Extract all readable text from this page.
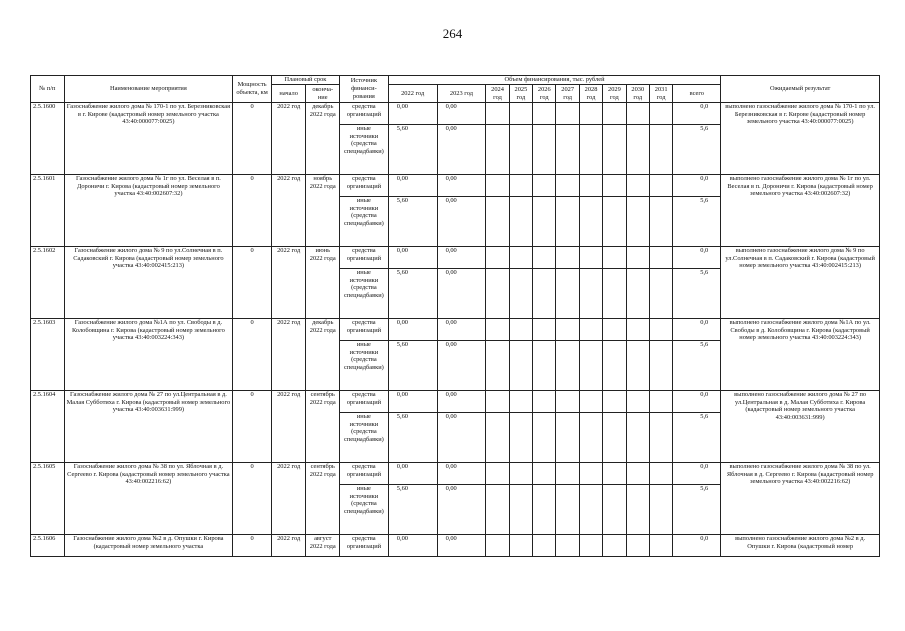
264
№ п/п	Наименование мероприятия	Мощность объекта, км	Плановый срок		Источник финанси- рования	Объем финансирования, тыс. рублей											Ожидаемый результат
			начало	оконча- ние		2022 год	2023 год	2024 год	2025 год	2026 год	2027 год	2028 год	2029 год	2030 год	2031 год	всего	

2.5.1600	Газоснабжение жилого дома № 170-1 по ул. Березниковская в г. Кирове (кадастровый номер земельного участка 43:40:000077:0025)	0	2022 год	декабрь 2022 года	средства организаций	0,00	0,00									0,0	выполнено газоснабжение жилого дома № 170-1 по ул. Березниковская в г. Кирове (кадастровый номер земельного участка 43:40:000077:0025)
					иные источники (средства спецнадбавки)	5,60	0,00									5,6	
2.5.1601	Газоснабжение жилого дома № 1г по ул. Веселая в п. Дороничи г. Кирова (кадастровый номер земельного участка 43:40:002607:32)	0	2022 год	ноябрь 2022 года	средства организаций	0,00	0,00									0,0	выполнено газоснабжение жилого дома № 1г по ул. Веселая в п. Дороничи г. Кирова (кадастровый номер земельного участка 43:40:002607:32)
					иные источники (средства спецнадбавки)	5,60	0,00									5,6	
2.5.1602	Газоснабжение жилого дома № 9 по ул.Солнечная в п. Садаковский г. Кирова (кадастровый номер земельного участка 43:40:002415:213)	0	2022 год	июнь 2022 года	средства организаций	0,00	0,00									0,0	выполнено газоснабжение жилого дома № 9 по ул.Солнечная в п. Садаковский г. Кирова (кадастровый номер земельного участка 43:40:002415:213)
					иные источники (средства спецнадбавки)	5,60	0,00									5,6	
2.5.1603	Газоснабжение жилого дома №1А по ул. Свободы в д. Колобовщина г. Кирова (кадастровый номер земельного участка 43:40:003224:343)	0	2022 год	декабрь 2022 года	средства организаций	0,00	0,00									0,0	выполнено газоснабжение жилого дома №1А по ул. Свободы в д. Колобовщина г. Кирова (кадастровый номер земельного участка 43:40:003224:343)
					иные источники (средства спецнадбавки)	5,60	0,00									5,6	
2.5.1604	Газоснабжение жилого дома № 27 по ул.Центральная в д. Малая Субботиха г. Кирова (кадастровый номер земельного участка 43:40:003631:999)	0	2022 год	сентябрь 2022 года	средства организаций	0,00	0,00									0,0	выполнено газоснабжение жилого дома № 27 по ул.Центральная в д. Малая Субботиха г. Кирова (кадастровый номер земельного участка 43:40:003631:999)
					иные источники (средства спецнадбавки)	5,60	0,00									5,6	
2.5.1605	Газоснабжение жилого дома № 38 по ул. Яблочная в д. Сергеево г. Кирова (кадастровый номер земельного участка 43:40:002216:62)	0	2022 год	сентябрь 2022 года	средства организаций	0,00	0,00									0,0	выполнено газоснабжение жилого дома № 38 по ул. Яблочная в д. Сергеево г. Кирова (кадастровый номер земельного участка 43:40:002216:62)
					иные источники (средства спецнадбавки)	5,60	0,00									5,6	
2.5.1606	Газоснабжение жилого дома №2 в д. Опушки г. Кирова (кадастровый номер земельного участка	0	2022 год	август 2022 года	средства организаций	0,00	0,00									0,0	выполнено газоснабжение жилого дома №2 в д. Опушки г. Кирова (кадастровый номер
